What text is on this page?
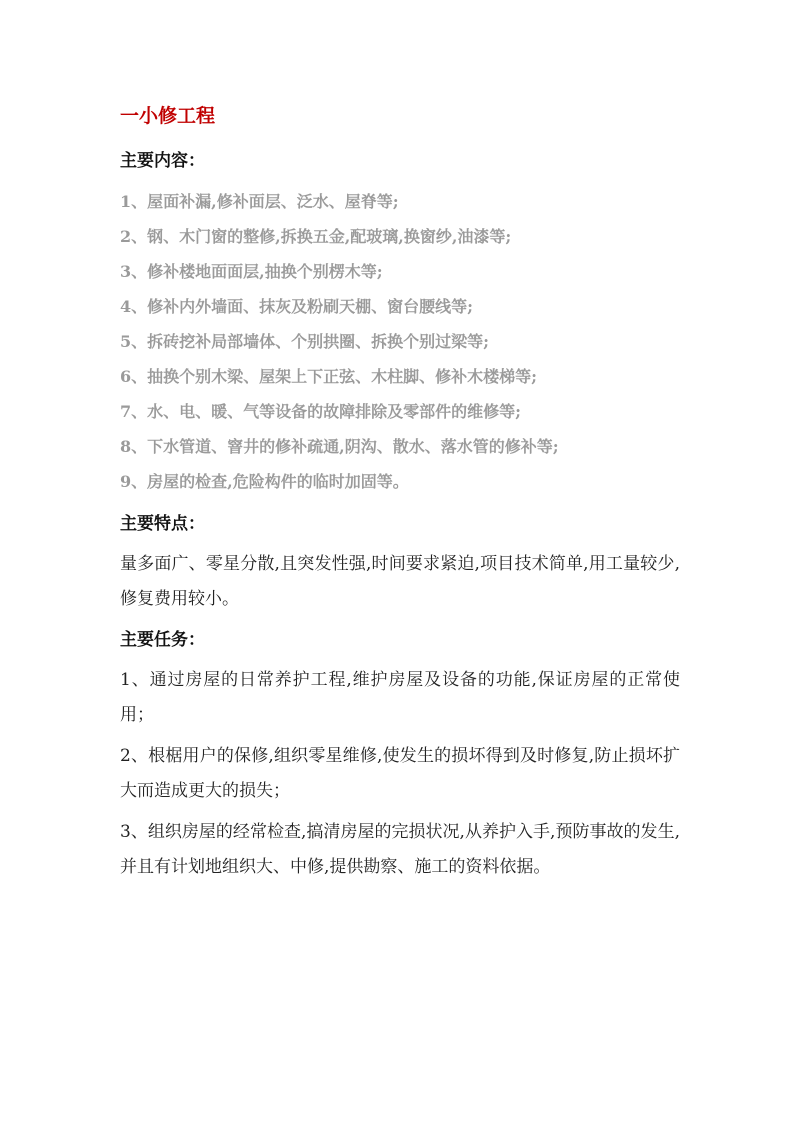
一小修工程
主要内容：
1、屋面补漏,修补面层、泛水、屋脊等;
2、钢、木门窗的整修,拆换五金,配玻璃,换窗纱,油漆等;
3、修补楼地面面层,抽换个别楞木等;
4、修补内外墙面、抹灰及粉刷天棚、窗台腰线等;
5、拆砖挖补局部墙体、个别拱圈、拆换个别过梁等;
6、抽换个别木梁、屋架上下正弦、木柱脚、修补木楼梯等;
7、水、电、暖、气等设备的故障排除及零部件的维修等;
8、下水管道、窨井的修补疏通,阴沟、散水、落水管的修补等;
9、房屋的检查,危险构件的临时加固等。
主要特点：
量多面广、零星分散,且突发性强,时间要求紧迫,项目技术简单,用工量较少,修复费用较小。
主要任务：
1、通过房屋的日常养护工程,维护房屋及设备的功能,保证房屋的正常使用；
2、根椐用户的保修,组织零星维修,使发生的损坏得到及时修复,防止损坏扩大而造成更大的损失；
3、组织房屋的经常检查,搞清房屋的完损状况,从养护入手,预防事故的发生,并且有计划地组织大、中修,提供勘察、施工的资料依据。
